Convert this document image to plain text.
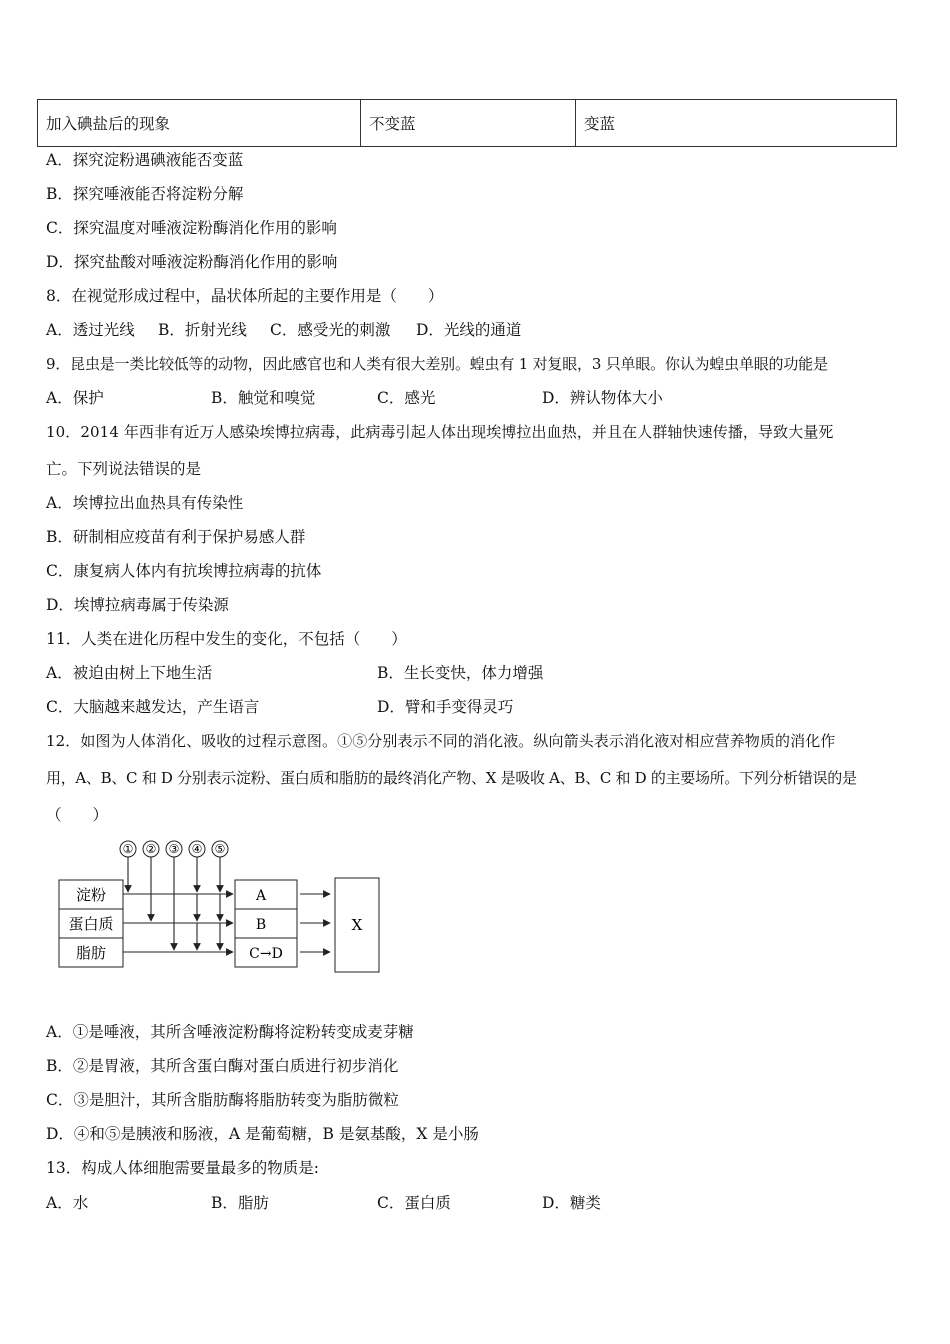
加入碘盐后的现象	不变蓝	变蓝
A．探究淀粉遇碘液能否变蓝
B．探究唾液能否将淀粉分解
C．探究温度对唾液淀粉酶消化作用的影响
D．探究盐酸对唾液淀粉酶消化作用的影响
8．在视觉形成过程中，晶状体所起的主要作用是（　　）
A．透过光线 B．折射光线 C．感受光的刺激 D．光线的通道
9．昆虫是一类比较低等的动物，因此感官也和人类有很大差别。蝗虫有 1 对复眼，3 只单眼。你认为蝗虫单眼的功能是
A．保护	B．触觉和嗅觉	C．感光	D．辨认物体大小
10．2014 年西非有近万人感染埃博拉病毒，此病毒引起人体出现埃博拉出血热，并且在人群轴快速传播，导致大量死
亡。下列说法错误的是
A．埃博拉出血热具有传染性
B．研制相应疫苗有利于保护易感人群
C．康复病人体内有抗埃博拉病毒的抗体
D．埃博拉病毒属于传染源
11．人类在进化历程中发生的变化，不包括（　　）
A．被迫由树上下地生活	B．生长变快，体力增强
C．大脑越来越发达，产生语言	D．臂和手变得灵巧
12．如图为人体消化、吸收的过程示意图。①⑤分别表示不同的消化液。纵向箭头表示消化液对相应营养物质的消化作
用，A、B、C 和 D 分别表示淀粉、蛋白质和脂肪的最终消化产物、X 是吸收 A、B、C 和 D 的主要场所。下列分析错误的是
（　　）
① ② ③ ④ ⑤
淀粉
蛋白质
脂肪
A
B
C→D
X
A．①是唾液，其所含唾液淀粉酶将淀粉转变成麦芽糖
B．②是胃液，其所含蛋白酶对蛋白质进行初步消化
C．③是胆汁，其所含脂肪酶将脂肪转变为脂肪微粒
D．④和⑤是胰液和肠液，A 是葡萄糖，B 是氨基酸，X 是小肠
13．构成人体细胞需要量最多的物质是:
A．水	B．脂肪	C．蛋白质	D．糖类
